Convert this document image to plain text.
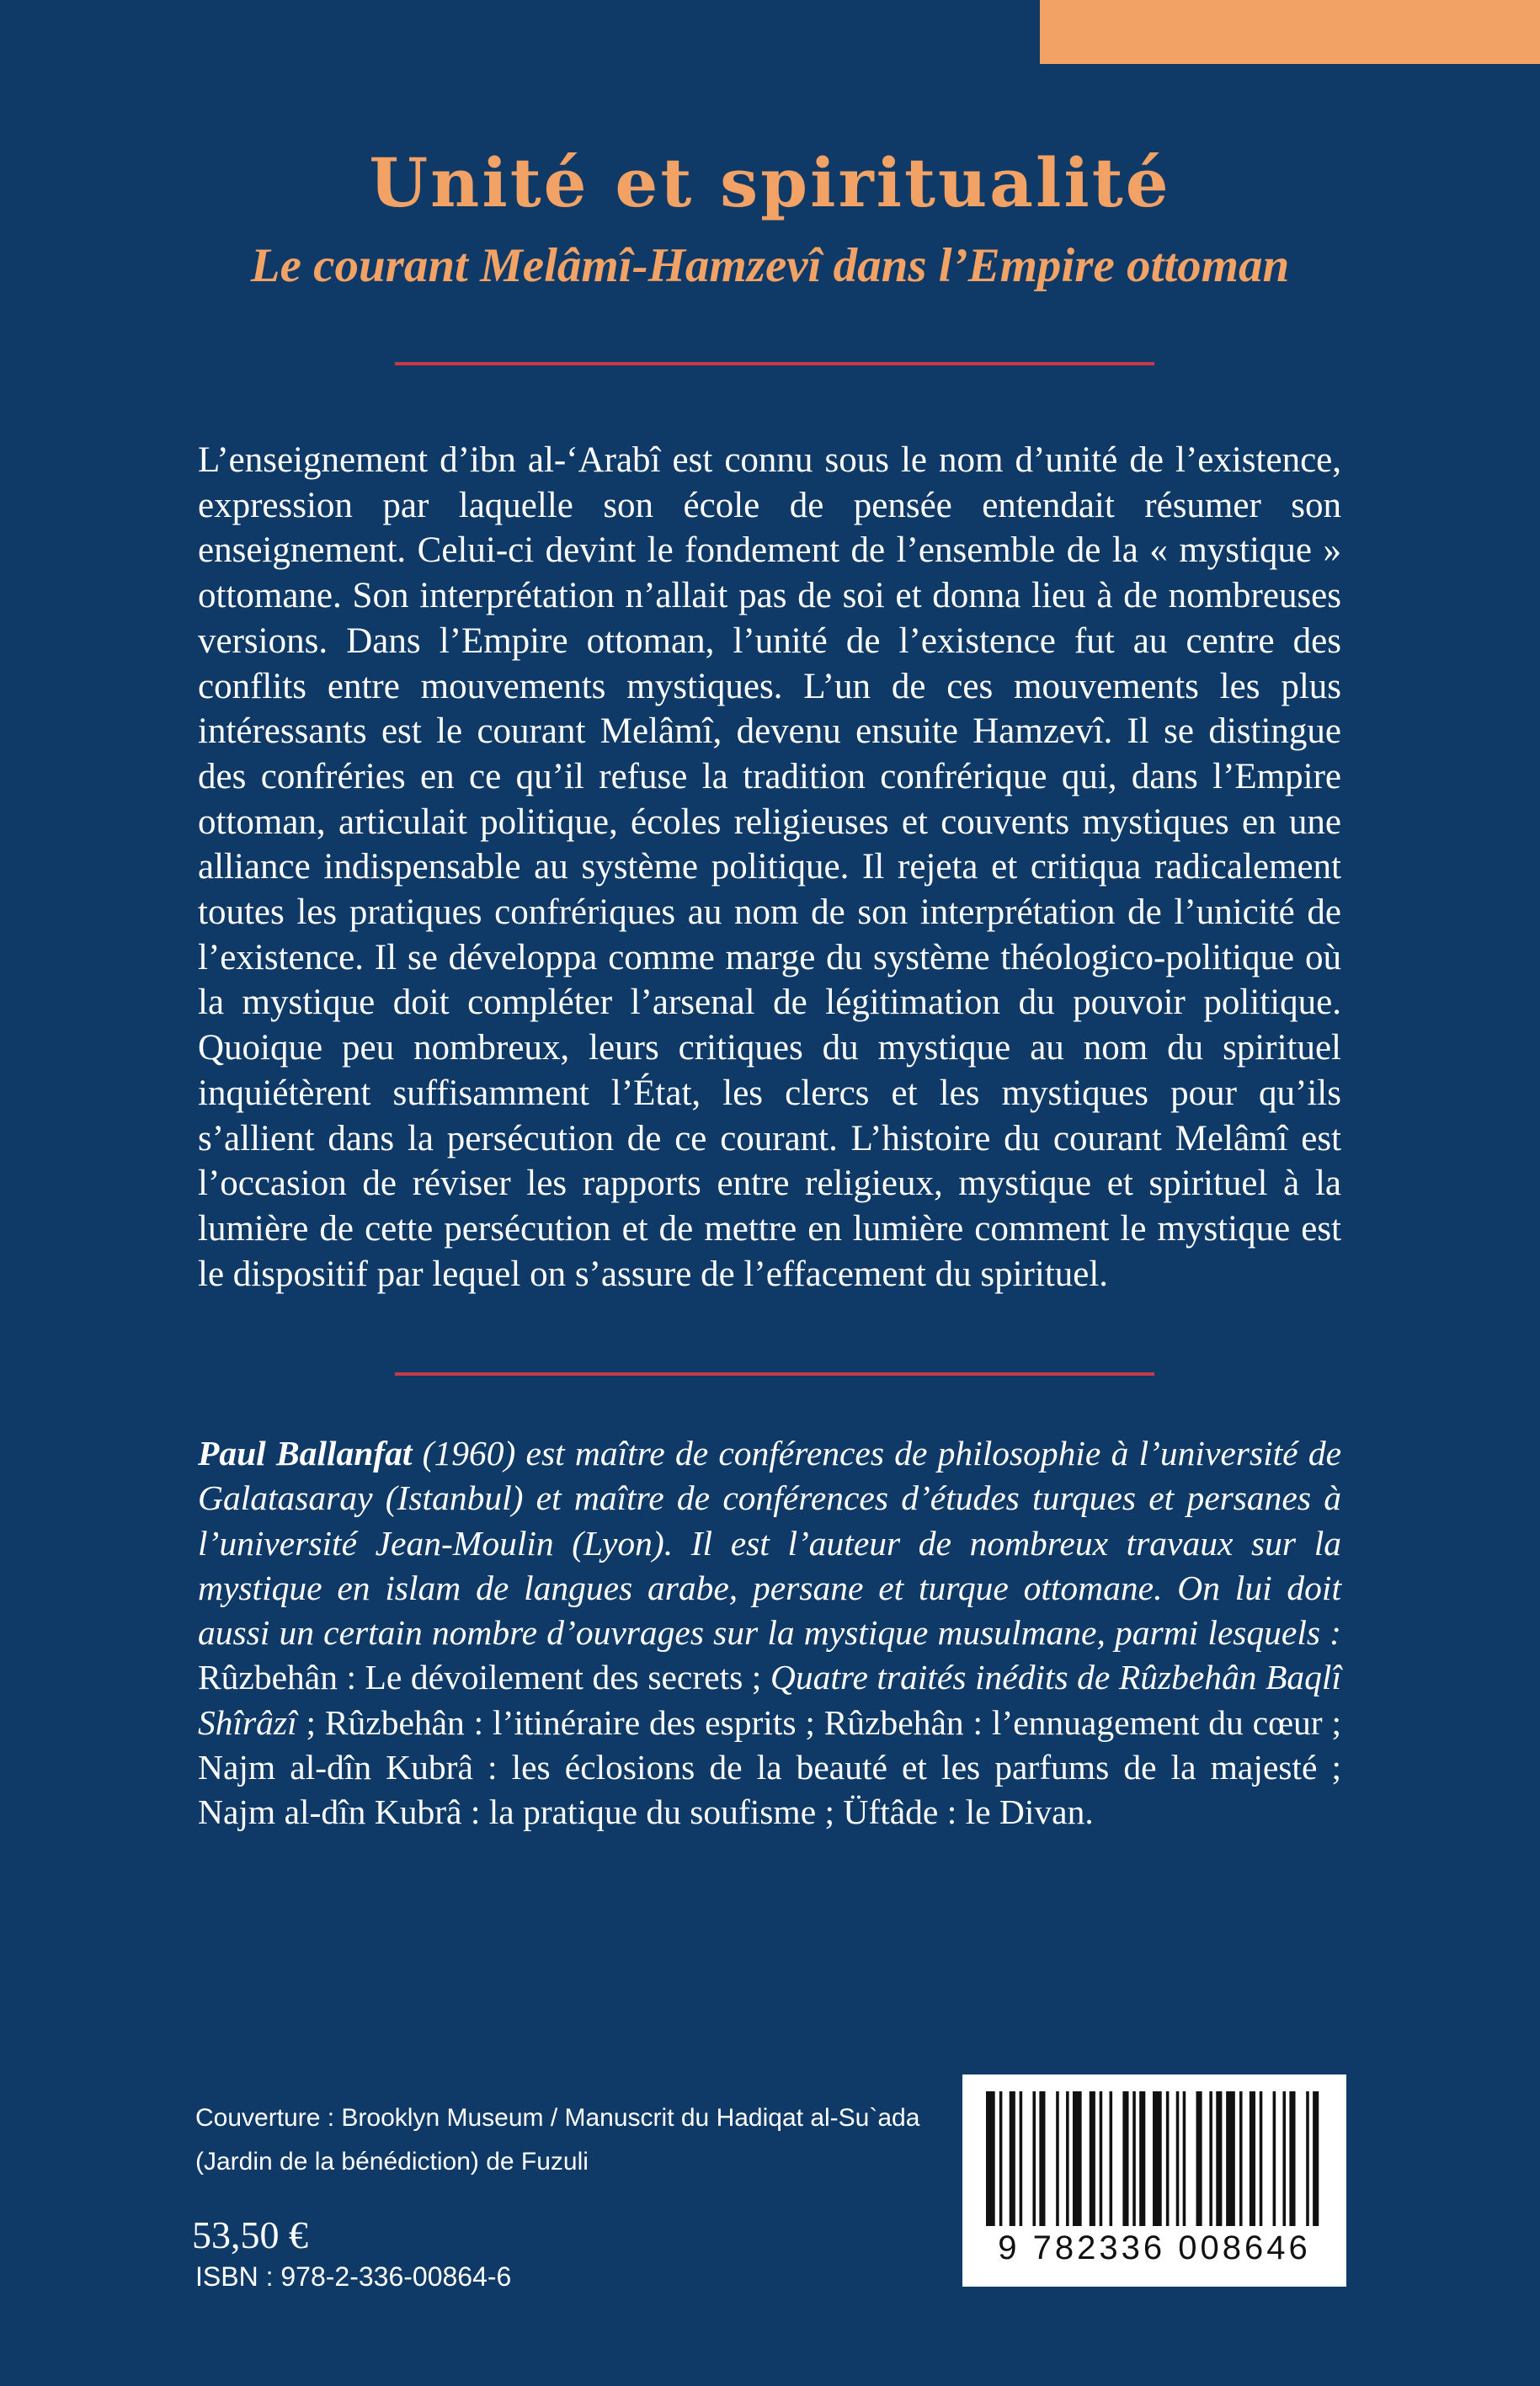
Unité et spiritualité
Le courant Melâmî-Hamzevî dans l’Empire ottoman

L’enseignement d’ibn al-‘Arabî est connu sous le nom d’unité de l’existence, expression par laquelle son école de pensée entendait résumer son enseignement. Celui-ci devint le fondement de l’ensemble de la « mystique » ottomane. Son interprétation n’allait pas de soi et donna lieu à de nombreuses versions. Dans l’Empire ottoman, l’unité de l’existence fut au centre des conflits entre mouvements mystiques. L’un de ces mouvements les plus intéressants est le courant Melâmî, devenu ensuite Hamzevî. Il se distingue des confréries en ce qu’il refuse la tradition confrérique qui, dans l’Empire ottoman, articulait politique, écoles religieuses et couvents mystiques en une alliance indispensable au système politique. Il rejeta et critiqua radicalement toutes les pratiques confrériques au nom de son interprétation de l’unicité de l’existence. Il se développa comme marge du système théologico-politique où la mystique doit compléter l’arsenal de légitimation du pouvoir politique. Quoique peu nombreux, leurs critiques du mystique au nom du spirituel inquiétèrent suffisamment l’État, les clercs et les mystiques pour qu’ils s’allient dans la persécution de ce courant. L’histoire du courant Melâmî est l’occasion de réviser les rapports entre religieux, mystique et spirituel à la lumière de cette persécution et de mettre en lumière comment le mystique est le dispositif par lequel on s’assure de l’effacement du spirituel.

Paul Ballanfat (1960) est maître de conférences de philosophie à l’université de Galatasaray (Istanbul) et maître de conférences d’études turques et persanes à l’université Jean-Moulin (Lyon). Il est l’auteur de nombreux travaux sur la mystique en islam de langues arabe, persane et turque ottomane. On lui doit aussi un certain nombre d’ouvrages sur la mystique musulmane, parmi lesquels : Rûzbehân : Le dévoilement des secrets ; Quatre traités inédits de Rûzbehân Baqlî Shîrâzî ; Rûzbehân : l’itinéraire des esprits ; Rûzbehân : l’ennuagement du cœur ; Najm al-dîn Kubrâ : les éclosions de la beauté et les parfums de la majesté ; Najm al-dîn Kubrâ : la pratique du soufisme ; Üftâde : le Divan.

Couverture : Brooklyn Museum / Manuscrit du Hadiqat al-Su`ada
(Jardin de la bénédiction) de Fuzuli
53,50 €
ISBN : 978-2-336-00864-6
9 782336 008646
